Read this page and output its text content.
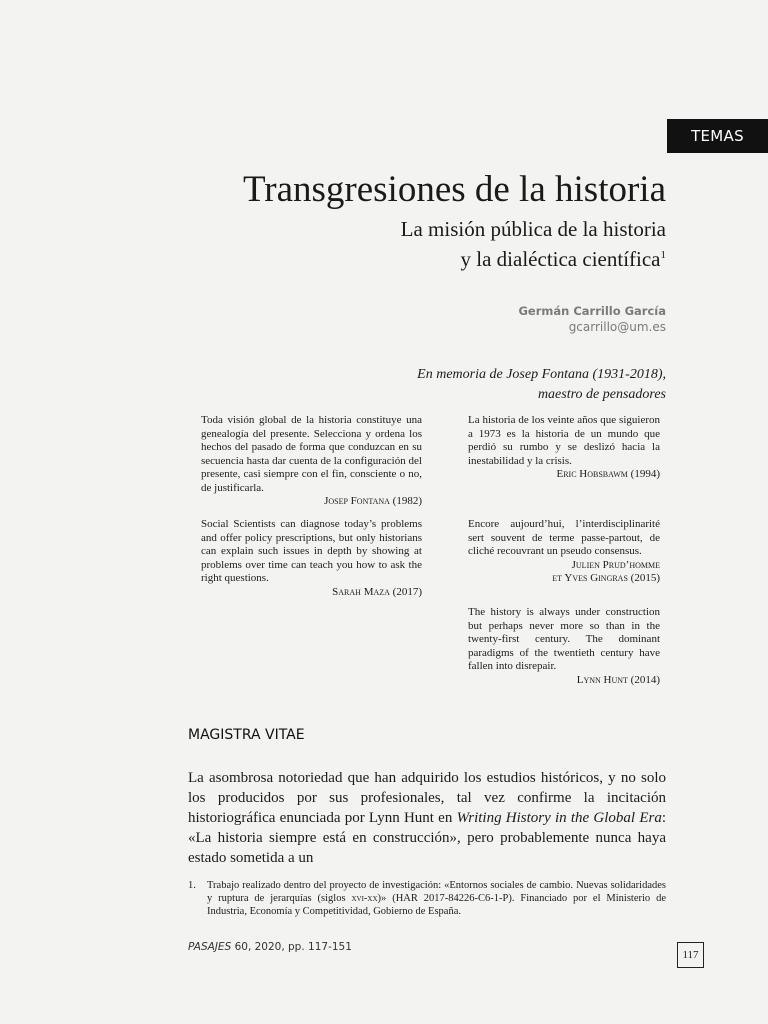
TEMAS
Transgresiones de la historia
La misión pública de la historia
y la dialéctica científica$^1$
Germán Carrillo García
gcarrillo@um.es
En memoria de Josep Fontana (1931-2018),
maestro de pensadores
Toda visión global de la historia constituye una genealogía del presente. Selecciona y ordena los hechos del pasado de forma que conduzcan en su secuencia hasta dar cuenta de la configuración del presente, casi siempre con el fin, consciente o no, de justificarla.
Josep Fontana (1982)
Social Scientists can diagnose today’s problems and offer policy prescriptions, but only historians can explain such issues in depth by showing at problems over time can teach you how to ask the right questions.
Sarah Maza (2017)
La historia de los veinte años que siguieron a 1973 es la historia de un mundo que perdió su rumbo y se deslizó hacia la inestabilidad y la crisis.
Eric Hobsbawm (1994)
Encore aujourd’hui, l’interdisciplinarité sert souvent de terme passe-partout, de cliché recouvrant un pseudo consensus.
Julien Prud’homme
et Yves Gingras (2015)
The history is always under construction but perhaps never more so than in the twenty-first century. The dominant paradigms of the twentieth century have fallen into disrepair.
Lynn Hunt (2014)
MAGISTRA VITAE
La asombrosa notoriedad que han adquirido los estudios históricos, y no solo los producidos por sus profesionales, tal vez confirme la incitación historiográfica enunciada por Lynn Hunt en Writing History in the Global Era: «La historia siempre está en construcción», pero probablemente nunca haya estado sometida a un
1. Trabajo realizado dentro del proyecto de investigación: «Entornos sociales de cambio. Nuevas solidaridades y ruptura de jerarquías (siglos xvi-xx)» (HAR 2017-84226-C6-1-P). Financiado por el Ministerio de Industria, Economía y Competitividad, Gobierno de España.
PASAJES 60, 2020, pp. 117-151
117
